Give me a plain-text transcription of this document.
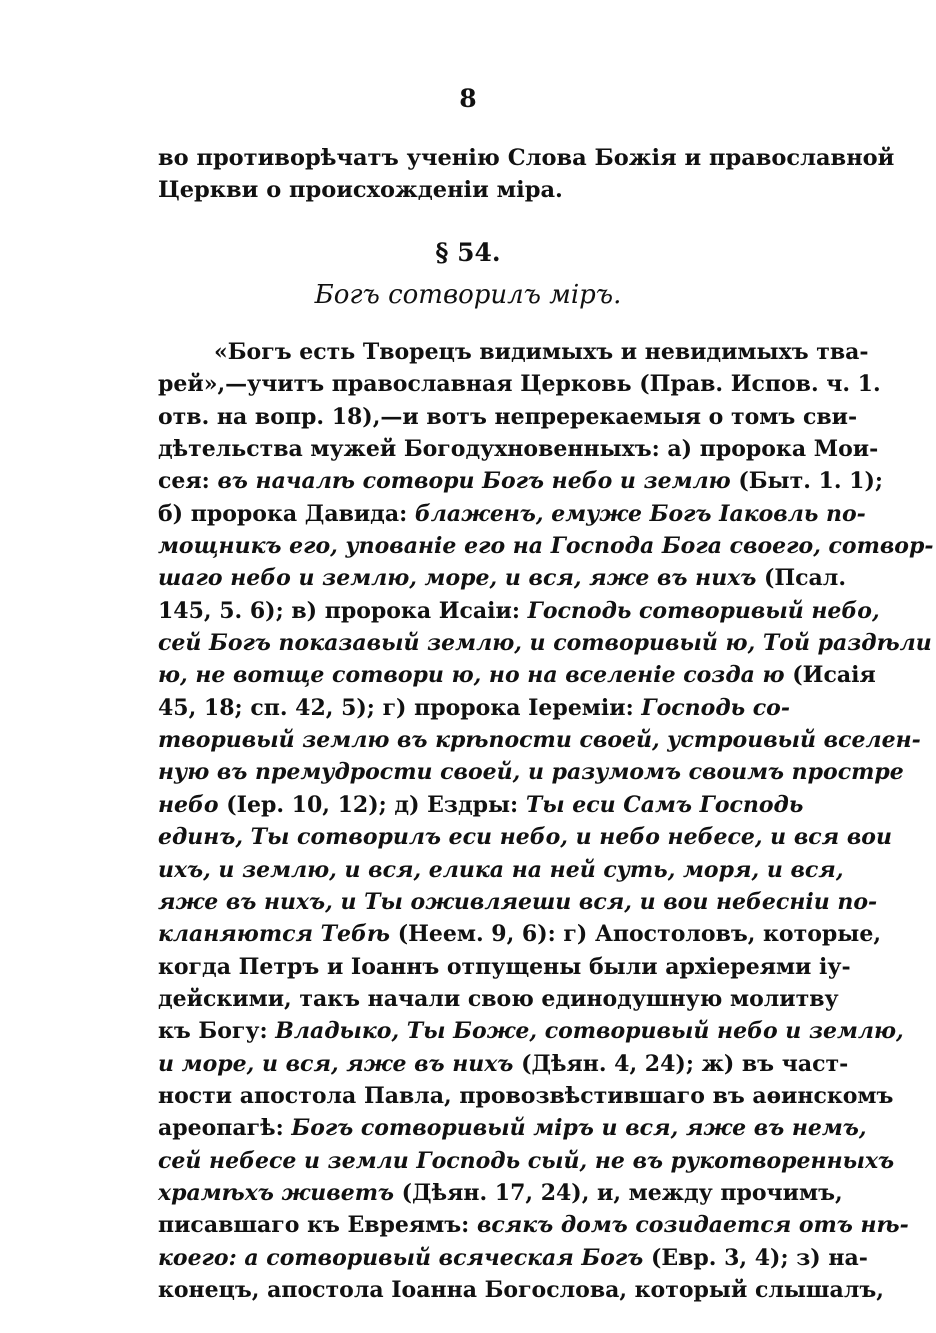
8
во противорѣчатъ ученію Слова Божія и православной
Церкви о происхожденіи міра.
§ 54.
Богъ сотворилъ міръ.
«Богъ есть Творецъ видимыхъ и невидимыхъ тва-
рей»,—учитъ православная Церковь (Прав. Испов. ч. 1.
отв. на вопр. 18),—и вотъ непререкаемыя о томъ сви-
дѣтельства мужей Богодухновенныхъ: а) пророка Мои-
сея: въ началѣ сотвори Богъ небо и землю (Быт. 1. 1);
б) пророка Давида: блаженъ, емуже Богъ Іаковль по-
мощникъ его, упованіе его на Господа Бога своего, сотвор-
шаго небо и землю, море, и вся, яже въ нихъ (Псал.
145, 5. 6); в) пророка Исаіи: Господь сотворивый небо,
сей Богъ показавый землю, и сотворивый ю, Той раздѣли
ю, не вотще сотвори ю, но на вселеніе созда ю (Исаія
45, 18; сп. 42, 5); г) пророка Іереміи: Господь со-
творивый землю въ крѣпости своей, устроивый вселен-
ную въ премудрости своей, и разумомъ своимъ простре
небо (Іер. 10, 12); д) Ездры: Ты еси Самъ Господь
единъ, Ты сотворилъ еси небо, и небо небесе, и вся вои
ихъ, и землю, и вся, елика на ней суть, моря, и вся,
яже въ нихъ, и Ты оживляеши вся, и вои небесніи по-
кланяются Тебѣ (Неем. 9, 6): г) Апостоловъ, которые,
когда Петръ и Іоаннъ отпущены были архіереями іу-
дейскими, такъ начали свою единодушную молитву
къ Богу: Владыко, Ты Боже, сотворивый небо и землю,
и море, и вся, яже въ нихъ (Дѣян. 4, 24); ж) въ част-
ности апостола Павла, провозвѣстившаго въ аѳинскомъ
ареопагѣ: Богъ сотворивый міръ и вся, яже въ немъ,
сей небесе и земли Господь сый, не въ рукотворенныхъ
храмѣхъ живетъ (Дѣян. 17, 24), и, между прочимъ,
писавшаго къ Евреямъ: всякъ домъ созидается отъ нѣ-
коего: а сотворивый всяческая Богъ (Евр. 3, 4); з) на-
конецъ, апостола Іоанна Богослова, который слышалъ,
